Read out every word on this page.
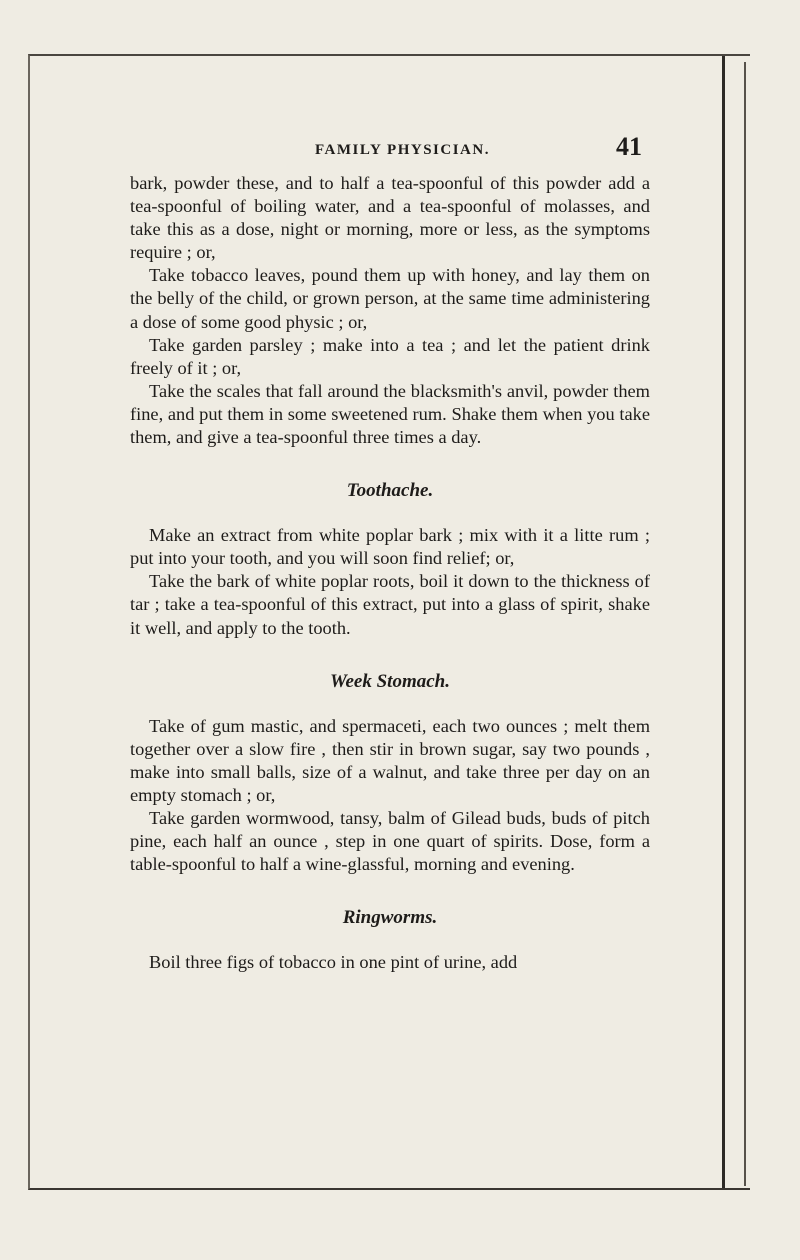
FAMILY PHYSICIAN.	41

bark, powder these, and to half a tea-spoonful of this powder add a tea-spoonful of boiling water, and a tea-spoonful of molasses, and take this as a dose, night or morning, more or less, as the symptoms require ; or,

Take tobacco leaves, pound them up with honey, and lay them on the belly of the child, or grown person, at the same time administering a dose of some good physic ; or,

Take garden parsley ; make into a tea ; and let the patient drink freely of it ; or,

Take the scales that fall around the blacksmith's anvil, powder them fine, and put them in some sweetened rum. Shake them when you take them, and give a tea-spoonful three times a day.

Toothache.

Make an extract from white poplar bark ; mix with it a litte rum ; put into your tooth, and you will soon find relief; or,

Take the bark of white poplar roots, boil it down to the thickness of tar ; take a tea-spoonful of this extract, put into a glass of spirit, shake it well, and apply to the tooth.

Week Stomach.

Take of gum mastic, and spermaceti, each two ounces ; melt them together over a slow fire , then stir in brown sugar, say two pounds , make into small balls, size of a walnut, and take three per day on an empty stomach ; or,

Take garden wormwood, tansy, balm of Gilead buds, buds of pitch pine, each half an ounce , step in one quart of spirits. Dose, form a table-spoonful to half a wine-glassful, morning and evening.

Ringworms.

Boil three figs of tobacco in one pint of urine, add
